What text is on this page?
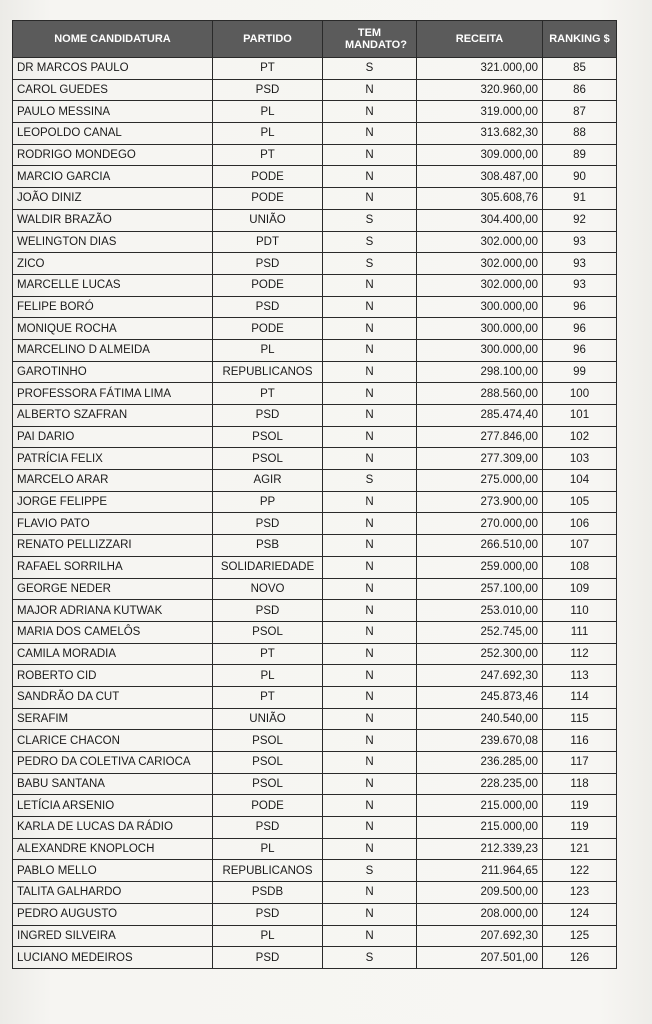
NOME CANDIDATURA	PARTIDO	TEM MANDATO?	RECEITA	RANKING $
DR MARCOS PAULO	PT	S	321.000,00	85
CAROL GUEDES	PSD	N	320.960,00	86
PAULO MESSINA	PL	N	319.000,00	87
LEOPOLDO CANAL	PL	N	313.682,30	88
RODRIGO MONDEGO	PT	N	309.000,00	89
MARCIO GARCIA	PODE	N	308.487,00	90
JOÃO DINIZ	PODE	N	305.608,76	91
WALDIR BRAZÃO	UNIÃO	S	304.400,00	92
WELINGTON DIAS	PDT	S	302.000,00	93
ZICO	PSD	S	302.000,00	93
MARCELLE LUCAS	PODE	N	302.000,00	93
FELIPE BORÓ	PSD	N	300.000,00	96
MONIQUE ROCHA	PODE	N	300.000,00	96
MARCELINO D ALMEIDA	PL	N	300.000,00	96
GAROTINHO	REPUBLICANOS	N	298.100,00	99
PROFESSORA FÁTIMA LIMA	PT	N	288.560,00	100
ALBERTO SZAFRAN	PSD	N	285.474,40	101
PAI DARIO	PSOL	N	277.846,00	102
PATRÍCIA FELIX	PSOL	N	277.309,00	103
MARCELO ARAR	AGIR	S	275.000,00	104
JORGE FELIPPE	PP	N	273.900,00	105
FLAVIO PATO	PSD	N	270.000,00	106
RENATO PELLIZZARI	PSB	N	266.510,00	107
RAFAEL SORRILHA	SOLIDARIEDADE	N	259.000,00	108
GEORGE NEDER	NOVO	N	257.100,00	109
MAJOR ADRIANA KUTWAK	PSD	N	253.010,00	110
MARIA DOS CAMELÔS	PSOL	N	252.745,00	111
CAMILA MORADIA	PT	N	252.300,00	112
ROBERTO CID	PL	N	247.692,30	113
SANDRÃO DA CUT	PT	N	245.873,46	114
SERAFIM	UNIÃO	N	240.540,00	115
CLARICE CHACON	PSOL	N	239.670,08	116
PEDRO DA COLETIVA CARIOCA	PSOL	N	236.285,00	117
BABU SANTANA	PSOL	N	228.235,00	118
LETÍCIA ARSENIO	PODE	N	215.000,00	119
KARLA DE LUCAS DA RÁDIO	PSD	N	215.000,00	119
ALEXANDRE KNOPLOCH	PL	N	212.339,23	121
PABLO MELLO	REPUBLICANOS	S	211.964,65	122
TALITA GALHARDO	PSDB	N	209.500,00	123
PEDRO AUGUSTO	PSD	N	208.000,00	124
INGRED SILVEIRA	PL	N	207.692,30	125
LUCIANO MEDEIROS	PSD	S	207.501,00	126
